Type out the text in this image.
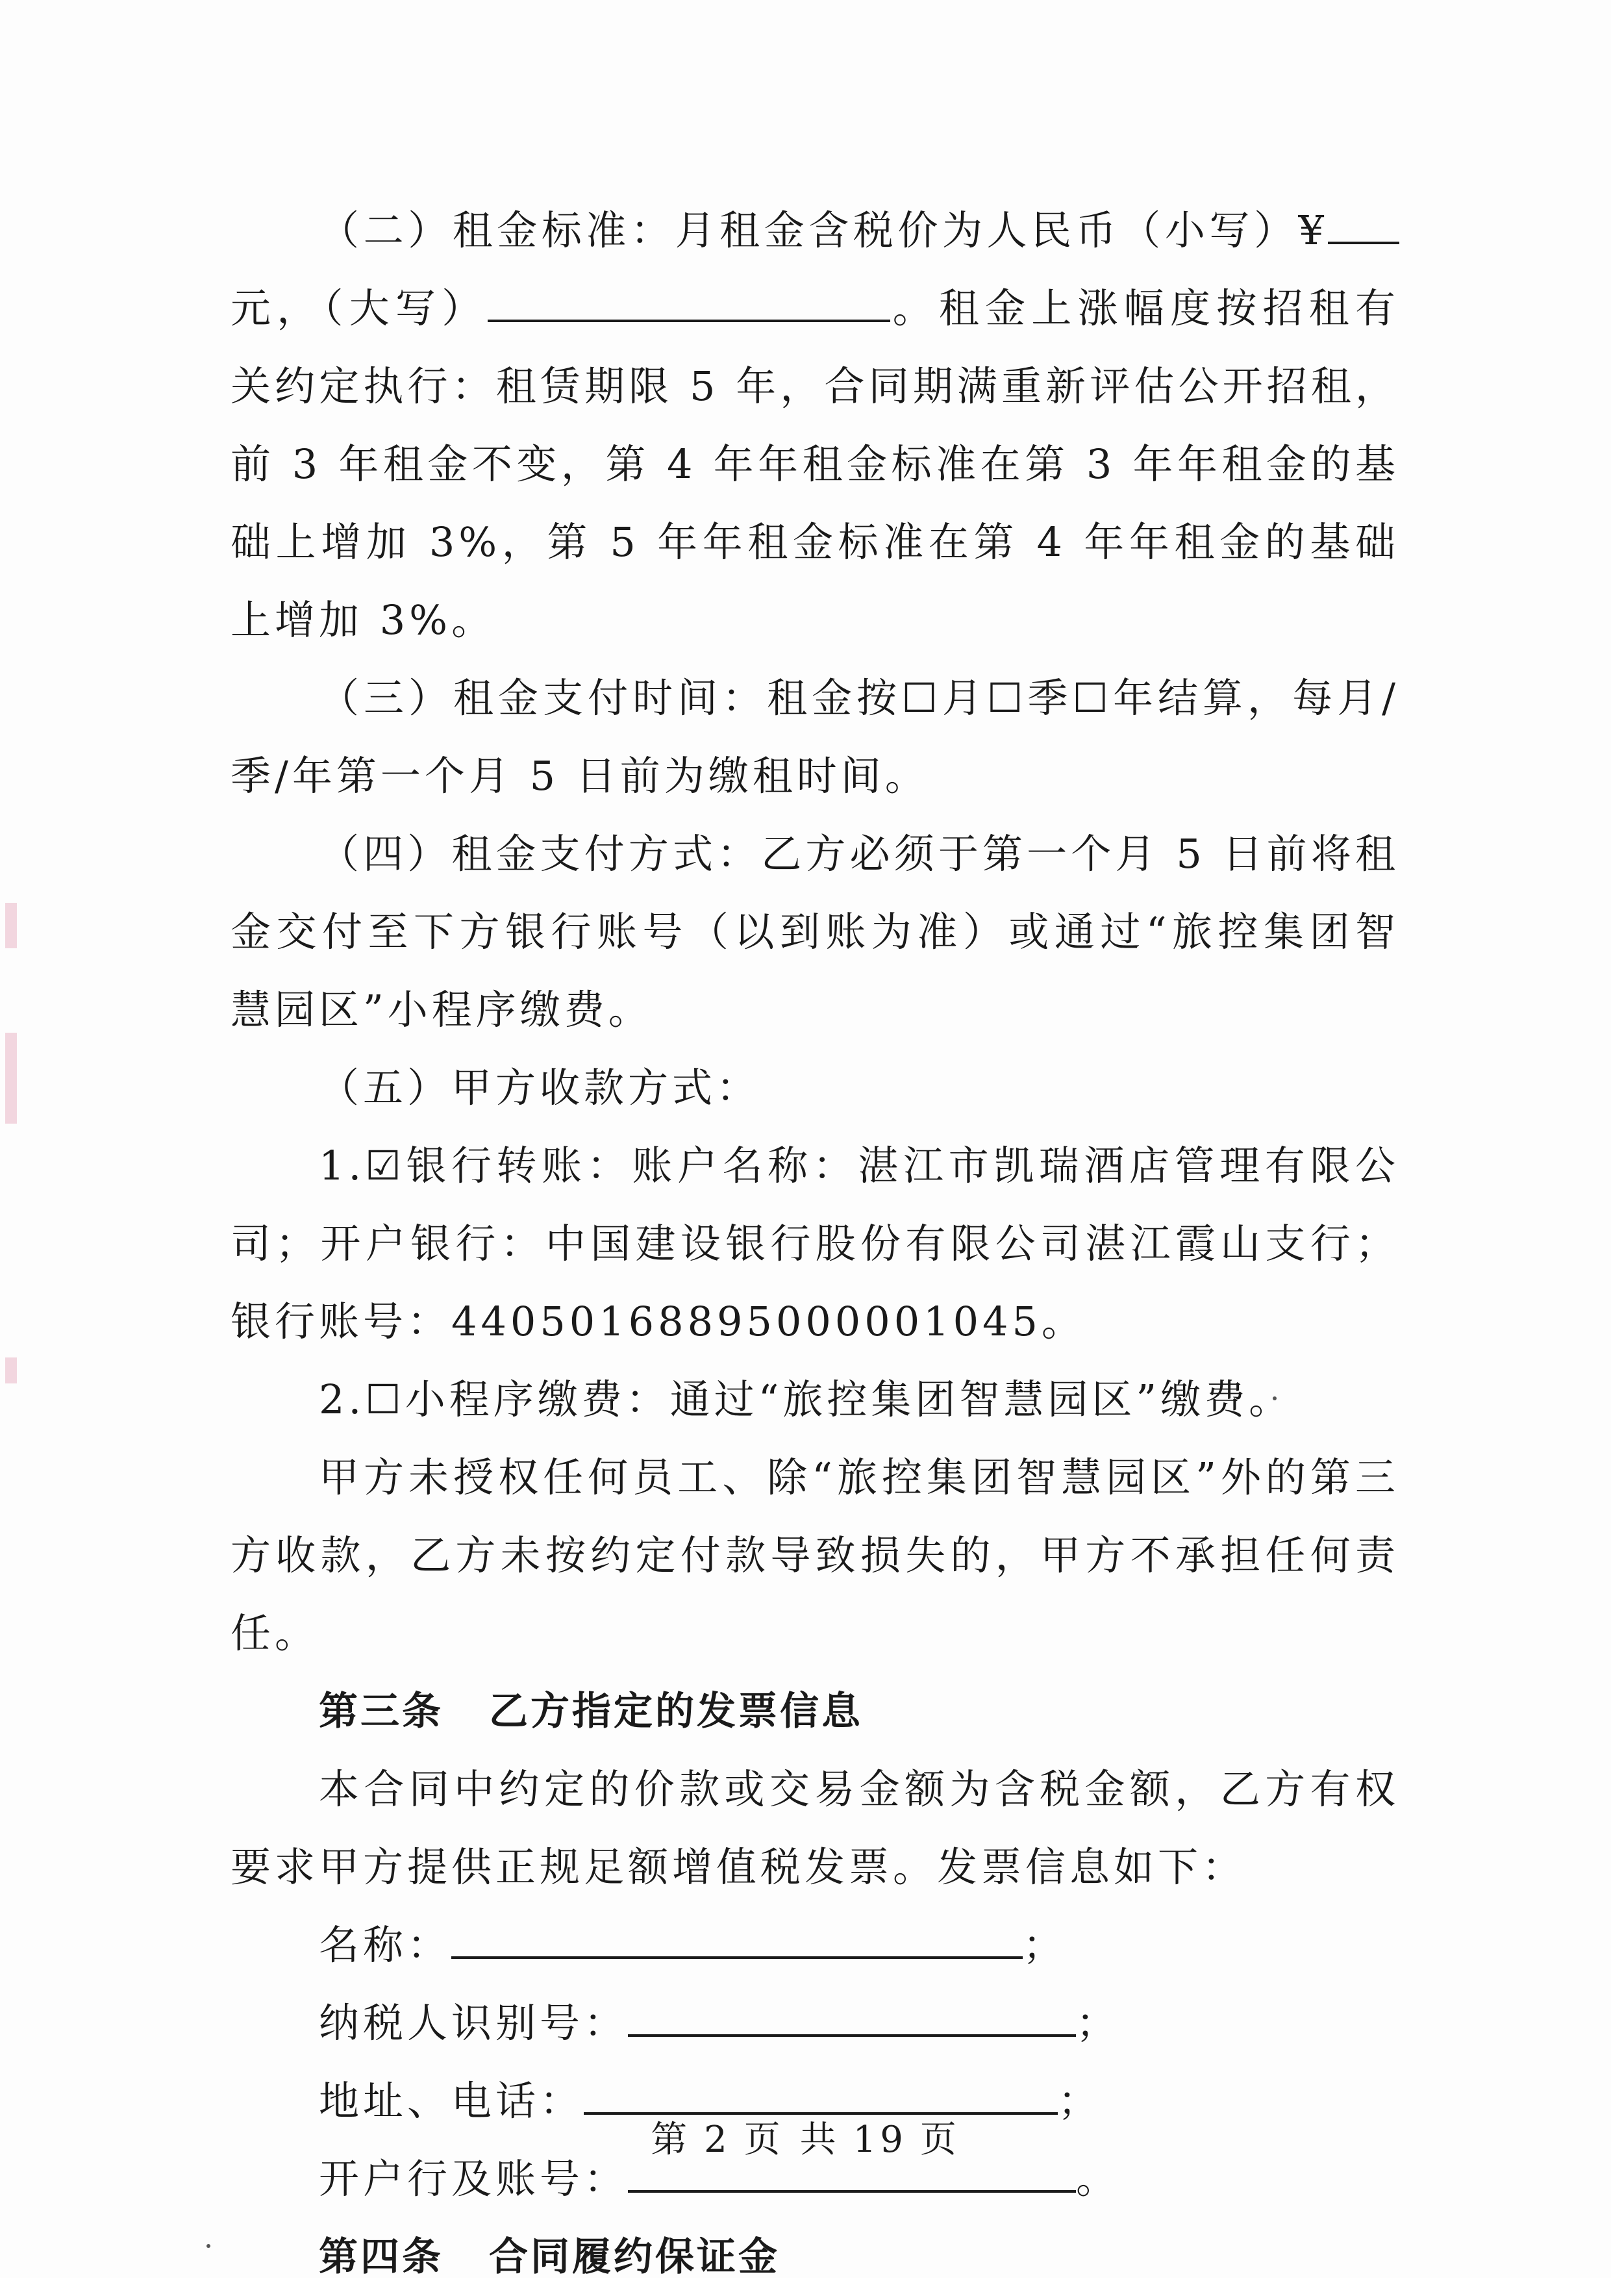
（二）租金标准：月租金含税价为人民币（小写）¥元，（大写）	。租金上涨幅度按招租有关约定执行：租赁期限 5 年，合同期满重新评估公开招租，前 3 年租金不变，第 4 年年租金标准在第 3 年年租金的基础上增加 3%，第 5 年年租金标准在第 4 年年租金的基础上增加 3%。

（三）租金支付时间：租金按☐月☐季☐年结算，每月/季/年第一个月 5 日前为缴租时间。

（四）租金支付方式：乙方必须于第一个月 5 日前将租金交付至下方银行账号（以到账为准）或通过“旅控集团智慧园区”小程序缴费。

（五）甲方收款方式：

1.☑银行转账：账户名称：湛江市凯瑞酒店管理有限公司；开户银行：中国建设银行股份有限公司湛江霞山支行；银行账号：44050168895000001045。

2.☐小程序缴费：通过“旅控集团智慧园区”缴费。

甲方未授权任何员工、除“旅控集团智慧园区”外的第三方收款，乙方未按约定付款导致损失的，甲方不承担任何责任。

第三条 乙方指定的发票信息

本合同中约定的价款或交易金额为含税金额，乙方有权要求甲方提供正规足额增值税发票。发票信息如下：

名称：	；

纳税人识别号：	；

地址、电话：	；

开户行及账号：	。

第四条 合同履约保证金

第 2 页 共 19 页
